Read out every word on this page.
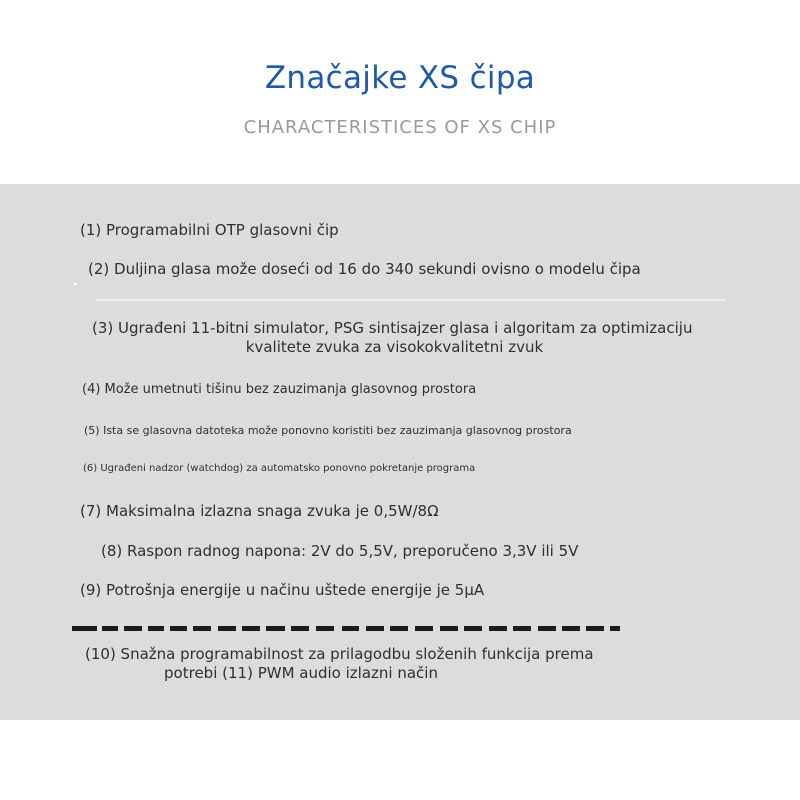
Značajke XS čipa
CHARACTERISTICES OF XS CHIP
(1) Programabilni OTP glasovni čip
(2) Duljina glasa može doseći od 16 do 340 sekundi ovisno o modelu čipa
(3) Ugrađeni 11-bitni simulator, PSG sintisajzer glasa i algoritam za optimizaciju
kvalitete zvuka za visokokvalitetni zvuk
(4) Može umetnuti tišinu bez zauzimanja glasovnog prostora
(5) Ista se glasovna datoteka može ponovno koristiti bez zauzimanja glasovnog prostora
(6) Ugrađeni nadzor (watchdog) za automatsko ponovno pokretanje programa
(7) Maksimalna izlazna snaga zvuka je 0,5W/8Ω
(8) Raspon radnog napona: 2V do 5,5V, preporučeno 3,3V ili 5V
(9) Potrošnja energije u načinu uštede energije je 5μA
(10) Snažna programabilnost za prilagodbu složenih funkcija prema
potrebi (11) PWM audio izlazni način
